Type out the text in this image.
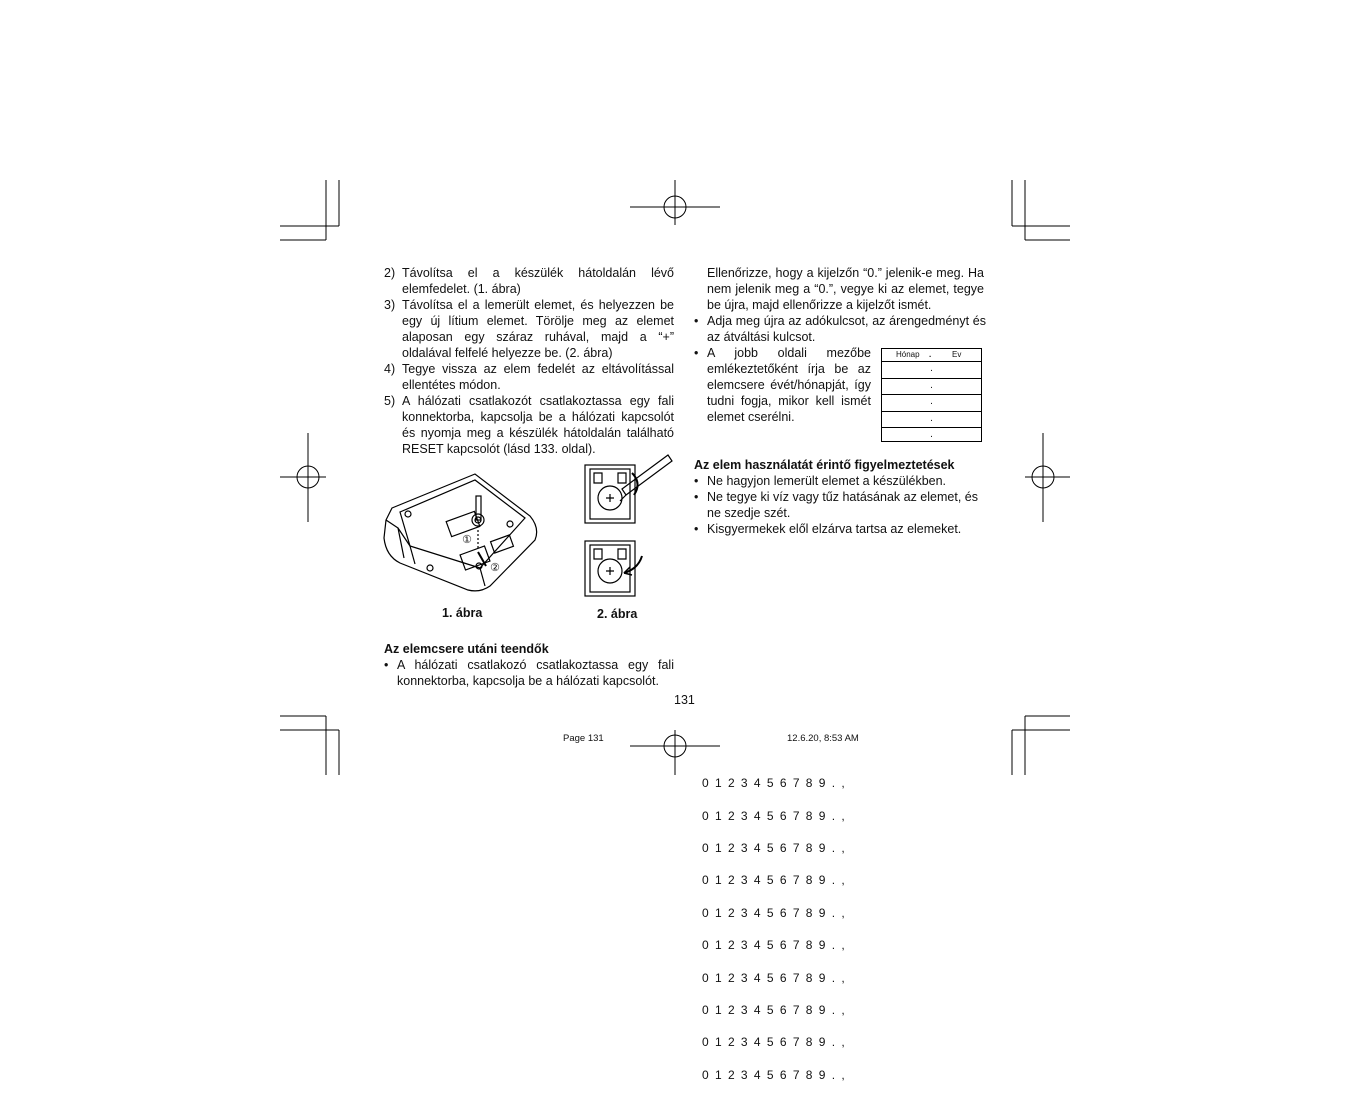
2) Távolítsa el a készülék hátoldalán lévő elemfedelet. (1. ábra)
3) Távolítsa el a lemerült elemet, és helyezzen be egy új lítium elemet. Törölje meg az elemet alaposan egy száraz ruhával, majd a “+” oldalával felfelé helyezze be. (2. ábra)
4) Tegye vissza az elem fedelét az eltávolítással ellentétes módon.
5) A hálózati csatlakozót csatlakoztassa egy fali konnektorba, kapcsolja be a hálózati kapcsolót és nyomja meg a készülék hátoldalán található RESET kapcsolót (lásd 133. oldal).
①
②
1. ábra	2. ábra
Az elemcsere utáni teendők
• A hálózati csatlakozó csatlakoztassa egy fali konnektorba, kapcsolja be a hálózati kapcsolót.
Ellenőrizze, hogy a kijelzőn “0.” jelenik-e meg. Ha nem jelenik meg a “0.”, vegye ki az elemet, tegye be újra, majd ellenőrizze a kijelzőt ismét.
• Adja meg újra az adókulcsot, az árengedményt és az átváltási kulcsot.
• A jobb oldali mezőbe emlékeztetőként írja be az elemcsere évét/hónapját, így tudni fogja, mikor kell ismét elemet cserélni.
Hónap .	Ev
.
.
.
.
.
Az elem használatát érintő figyelmeztetések
• Ne hagyjon lemerült elemet a készülékben.
• Ne tegye ki víz vagy tűz hatásának az elemet, és ne szedje szét.
• Kisgyermekek elől elzárva tartsa az elemeket.
131
Page 131	12.6.20, 8:53 AM

0123456789.,

0123456789.,

0123456789.,

0123456789.,

0123456789.,

0123456789.,

0123456789.,

0123456789.,

0123456789.,

0123456789.,
